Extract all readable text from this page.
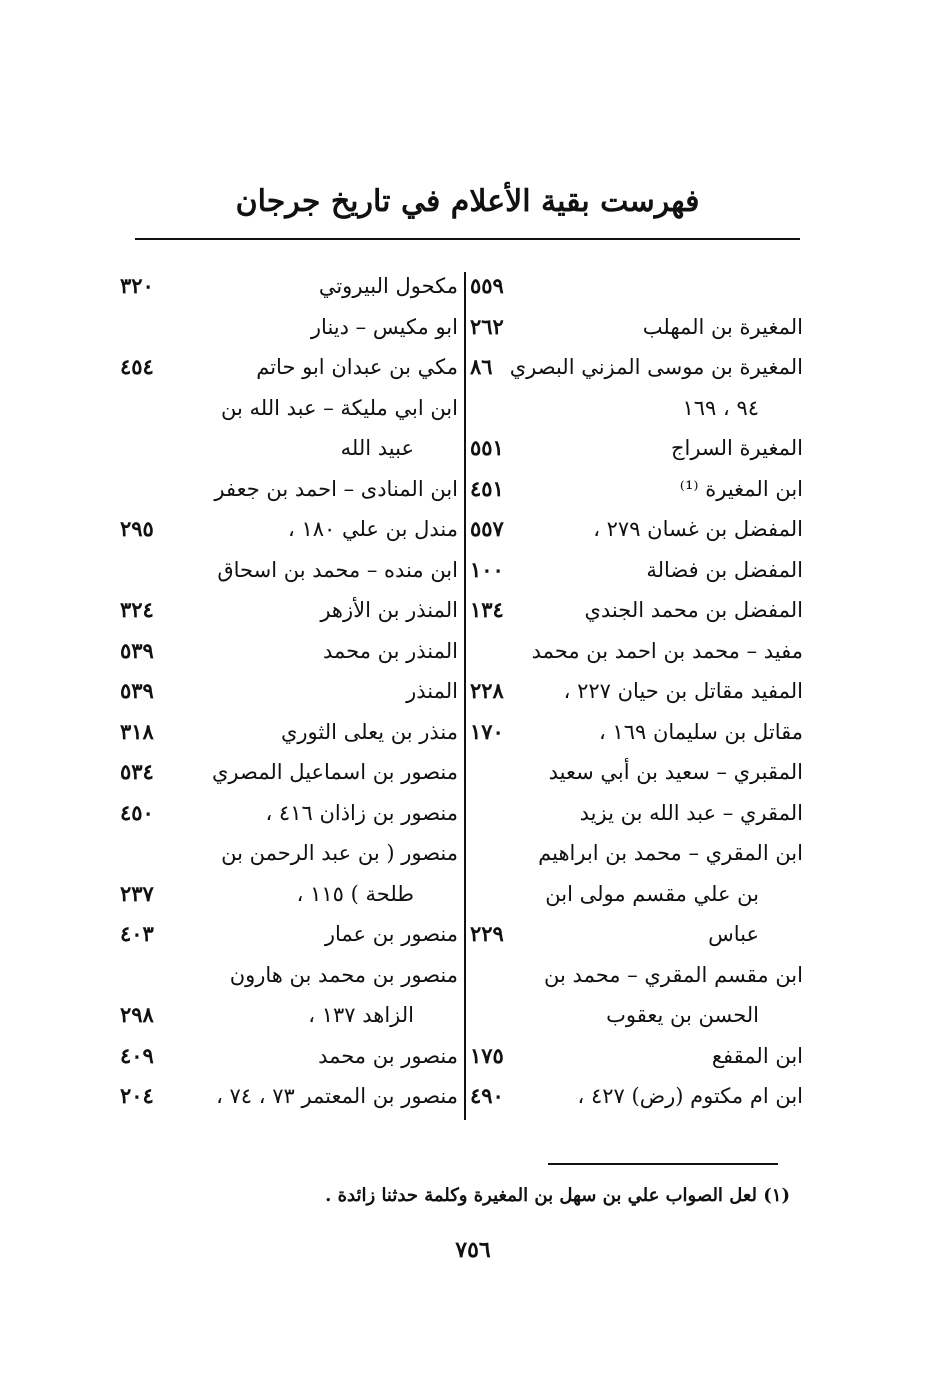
فهرست بقية الأعلام في تاريخ جرجان
٥٥٩
المغيرة بن المهلب
٢٦٢
المغيرة بن موسى المزني البصري
٨٦
٩٤ ، ١٦٩
المغيرة السراج
٥٥١
ابن المغيرة ⁽¹⁾
٤٥١
المفضل بن غسان ٢٧٩ ،
٥٥٧
المفضل بن فضالة
١٠٠
المفضل بن محمد الجندي
١٣٤
مفيد – محمد بن احمد بن محمد
المفيد مقاتل بن حيان ٢٢٧ ،
٢٢٨
مقاتل بن سليمان ١٦٩ ،
١٧٠
المقبري – سعيد بن أبي سعيد
المقري – عبد الله بن يزيد
ابن المقري – محمد بن ابراهيم
بن علي مقسم مولى ابن
عباس
٢٢٩
ابن مقسم المقري – محمد بن
الحسن بن يعقوب
ابن المقفع
١٧٥
ابن ام مكتوم (رض) ٤٢٧ ،
٤٩٠
مكحول البيروتي
٣٢٠
ابو مكيس – دينار
مكي بن عبدان ابو حاتم
٤٥٤
ابن ابي مليكة – عبد الله بن
عبيد الله
ابن المنادى – احمد بن جعفر
مندل بن علي ١٨٠ ،
٢٩٥
ابن منده – محمد بن اسحاق
المنذر بن الأزهر
٣٢٤
المنذر بن محمد
٥٣٩
المنذر
٥٣٩
منذر بن يعلى الثوري
٣١٨
منصور بن اسماعيل المصري
٥٣٤
منصور بن زاذان ٤١٦ ،
٤٥٠
منصور ( بن عبد الرحمن بن
طلحة ) ١١٥ ،
٢٣٧
منصور بن عمار
٤٠٣
منصور بن محمد بن هارون
الزاهد ١٣٧ ،
٢٩٨
منصور بن محمد
٤٠٩
منصور بن المعتمر ٧٣ ، ٧٤ ،
٢٠٤
(١) لعل الصواب علي بن سهل بن المغيرة وكلمة حدثنا زائدة .
٧٥٦
